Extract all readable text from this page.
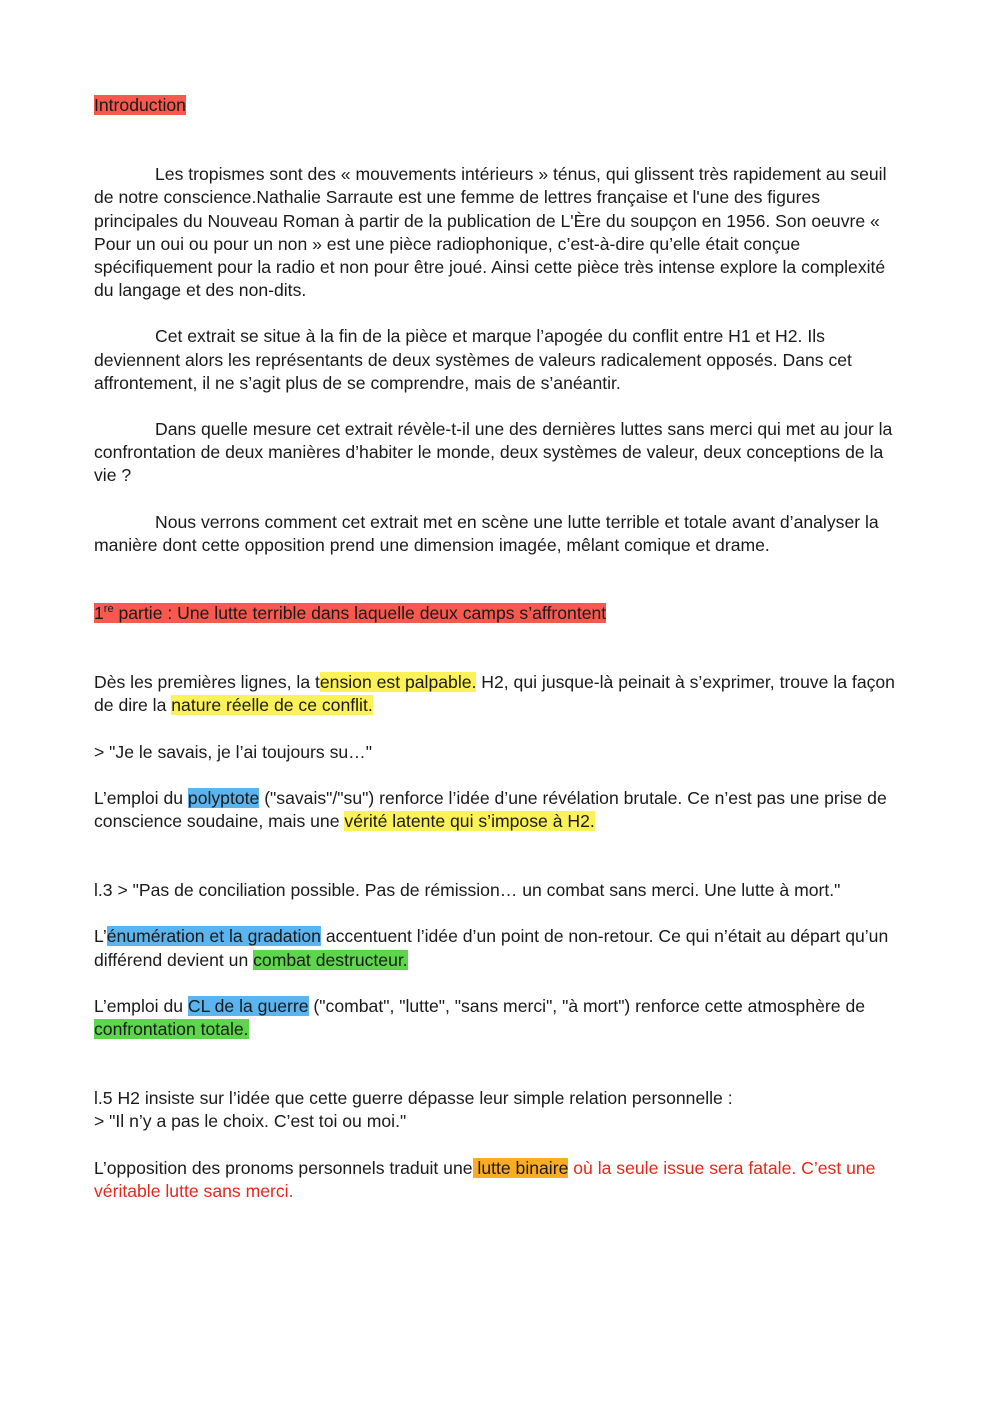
Introduction

Les tropismes sont des « mouvements intérieurs » ténus, qui glissent très rapidement au seuil de notre conscience.Nathalie Sarraute est une femme de lettres française et l'une des figures principales du Nouveau Roman à partir de la publication de L'Ère du soupçon en 1956. Son oeuvre « Pour un oui ou pour un non » est une pièce radiophonique, c’est-à-dire qu’elle était conçue spécifiquement pour la radio et non pour être joué. Ainsi cette pièce très intense explore la complexité du langage et des non-dits.

Cet extrait se situe à la fin de la pièce et marque l’apogée du conflit entre H1 et H2. Ils deviennent alors les représentants de deux systèmes de valeurs radicalement opposés. Dans cet affrontement, il ne s’agit plus de se comprendre, mais de s’anéantir.

Dans quelle mesure cet extrait révèle-t-il une des dernières luttes sans merci qui met au jour la confrontation de deux manières d’habiter le monde, deux systèmes de valeur, deux conceptions de la vie ?

Nous verrons comment cet extrait met en scène une lutte terrible et totale avant d’analyser la manière dont cette opposition prend une dimension imagée, mêlant comique et drame.

1re partie : Une lutte terrible dans laquelle deux camps s’affrontent

Dès les premières lignes, la tension est palpable. H2, qui jusque-là peinait à s’exprimer, trouve la façon de dire la nature réelle de ce conflit.

> "Je le savais, je l’ai toujours su…"

L’emploi du polyptote ("savais"/"su") renforce l’idée d’une révélation brutale. Ce n’est pas une prise de conscience soudaine, mais une vérité latente qui s’impose à H2.

l.3 > "Pas de conciliation possible. Pas de rémission… un combat sans merci. Une lutte à mort."

L’énumération et la gradation accentuent l’idée d’un point de non-retour. Ce qui n’était au départ qu’un différend devient un combat destructeur.

L’emploi du CL de la guerre ("combat", "lutte", "sans merci", "à mort") renforce cette atmosphère de confrontation totale.

l.5 H2 insiste sur l’idée que cette guerre dépasse leur simple relation personnelle :

> "Il n’y a pas le choix. C’est toi ou moi."

L’opposition des pronoms personnels traduit une lutte binaire où la seule issue sera fatale. C’est une véritable lutte sans merci.
